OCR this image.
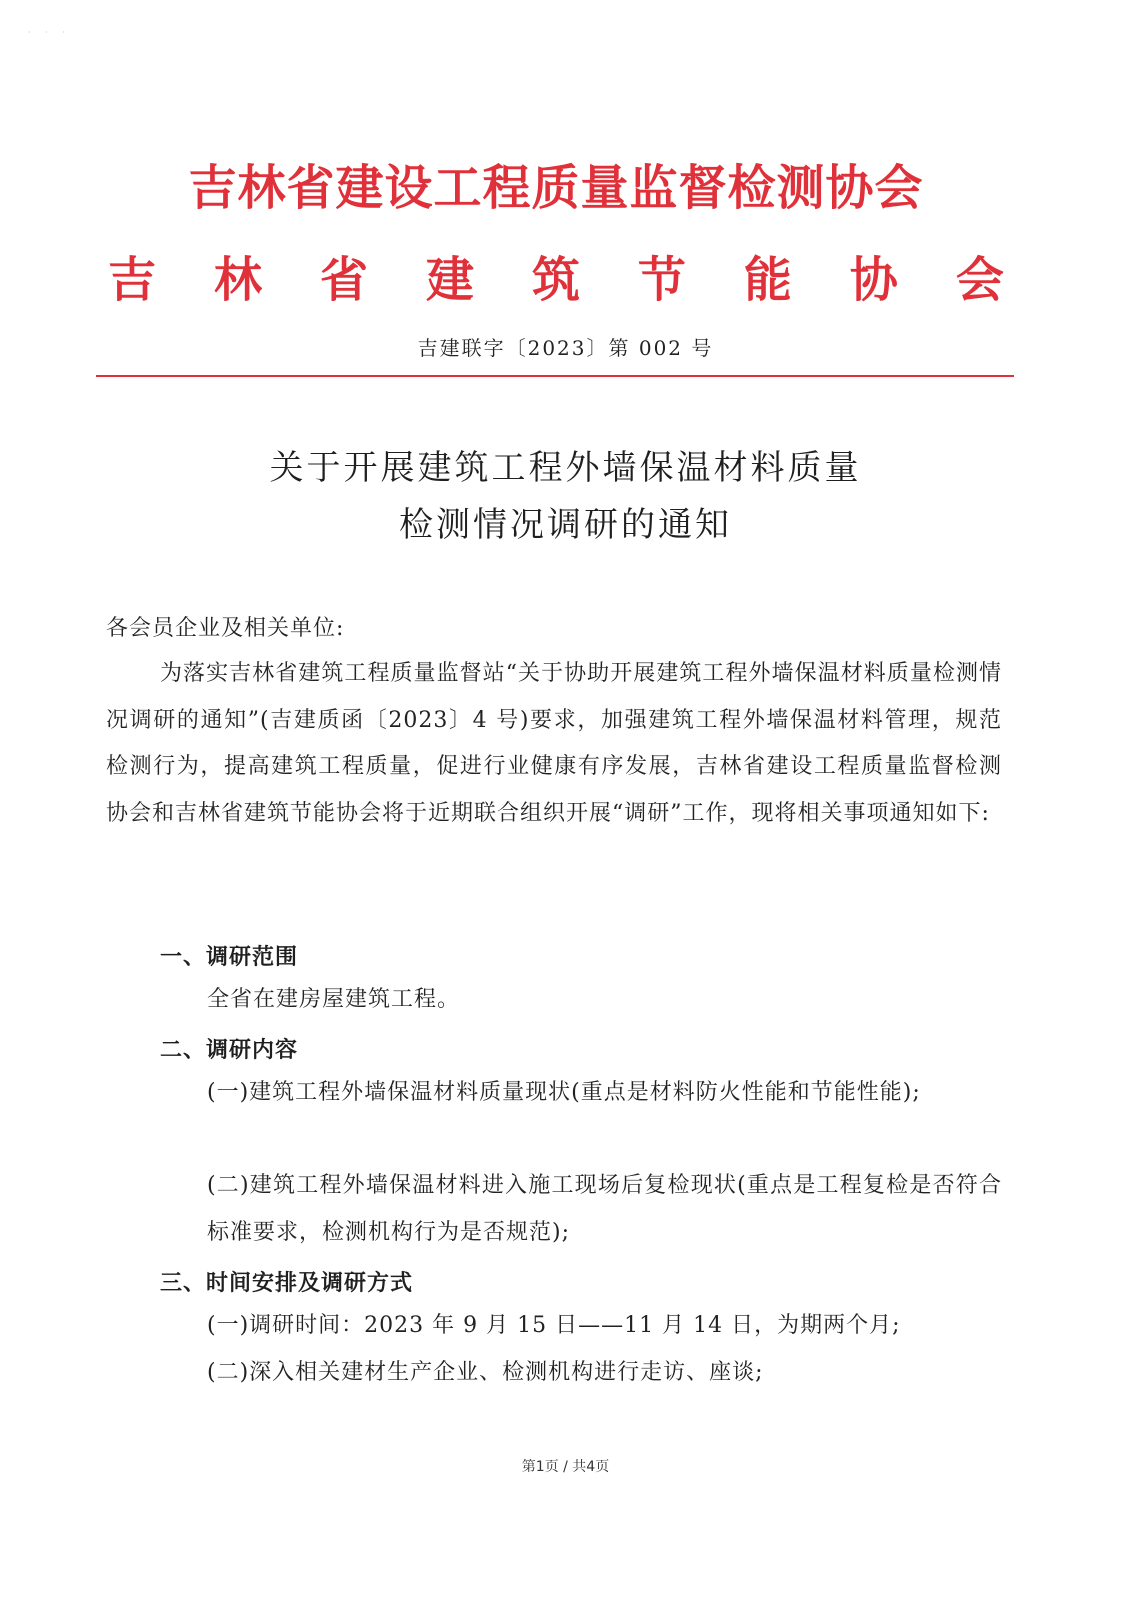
· · ·
吉林省建设工程质量监督检测协会
吉 林 省 建 筑 节 能 协 会
吉建联字〔2023〕第 002 号
关于开展建筑工程外墙保温材料质量
检测情况调研的通知
各会员企业及相关单位:
为落实吉林省建筑工程质量监督站“关于协助开展建筑工程外墙保温材料质量检测情况调研的通知”(吉建质函〔2023〕4 号)要求，加强建筑工程外墙保温材料管理，规范检测行为，提高建筑工程质量，促进行业健康有序发展，吉林省建设工程质量监督检测协会和吉林省建筑节能协会将于近期联合组织开展“调研”工作，现将相关事项通知如下:
一、调研范围
全省在建房屋建筑工程。
二、调研内容
(一)建筑工程外墙保温材料质量现状(重点是材料防火性能和节能性能);
(二)建筑工程外墙保温材料进入施工现场后复检现状(重点是工程复检是否符合标准要求，检测机构行为是否规范);
三、时间安排及调研方式
(一)调研时间：2023 年 9 月 15 日——11 月 14 日，为期两个月;
(二)深入相关建材生产企业、检测机构进行走访、座谈;
第1页 / 共4页
